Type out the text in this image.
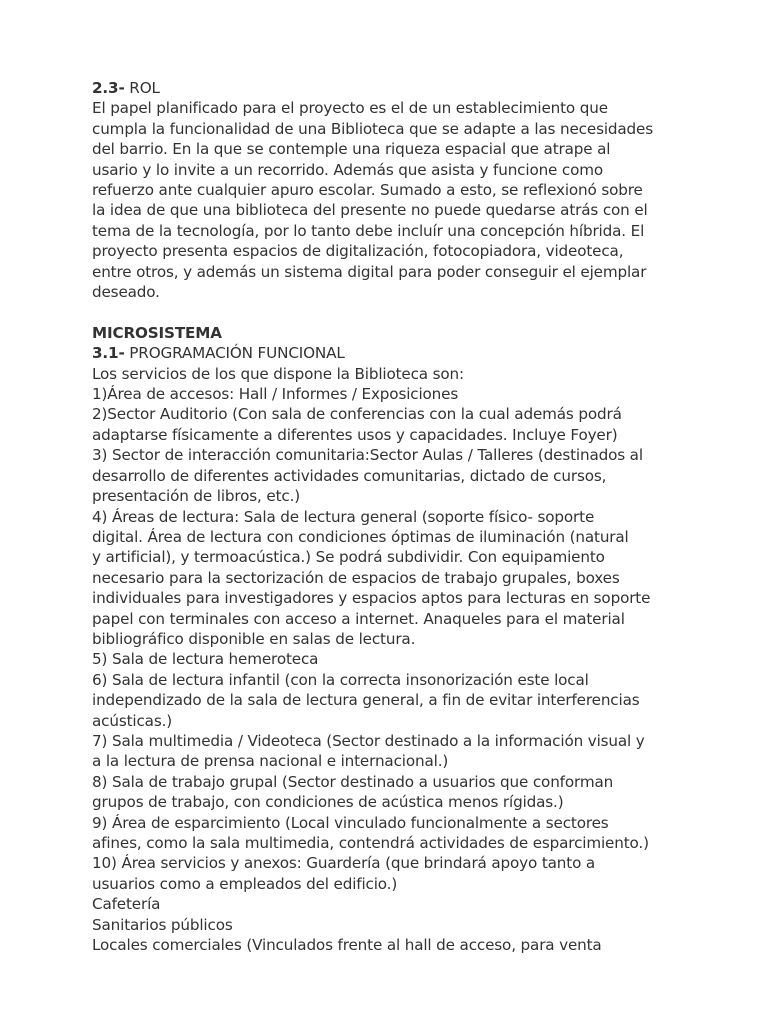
2.3- ROL
El papel planificado para el proyecto es el de un establecimiento que
cumpla la funcionalidad de una Biblioteca que se adapte a las necesidades
del barrio. En la que se contemple una riqueza espacial que atrape al
usario y lo invite a un recorrido. Además que asista y funcione como
refuerzo ante cualquier apuro escolar. Sumado a esto, se reflexionó sobre
la idea de que una biblioteca del presente no puede quedarse atrás con el
tema de la tecnología, por lo tanto debe incluír una concepción híbrida. El
proyecto presenta espacios de digitalización, fotocopiadora, videoteca,
entre otros, y además un sistema digital para poder conseguir el ejemplar
deseado.
MICROSISTEMA
3.1- PROGRAMACIÓN FUNCIONAL
Los servicios de los que dispone la Biblioteca son:
1)Área de accesos: Hall / Informes / Exposiciones
2)Sector Auditorio (Con sala de conferencias con la cual además podrá
adaptarse físicamente a diferentes usos y capacidades. Incluye Foyer)
3) Sector de interacción comunitaria:Sector Aulas / Talleres (destinados al
desarrollo de diferentes actividades comunitarias, dictado de cursos,
presentación de libros, etc.)
4) Áreas de lectura: Sala de lectura general (soporte físico- soporte
digital. Área de lectura con condiciones óptimas de iluminación (natural
y artificial), y termoacústica.) Se podrá subdividir. Con equipamiento
necesario para la sectorización de espacios de trabajo grupales, boxes
individuales para investigadores y espacios aptos para lecturas en soporte
papel con terminales con acceso a internet. Anaqueles para el material
bibliográfico disponible en salas de lectura.
5) Sala de lectura hemeroteca
6) Sala de lectura infantil (con la correcta insonorización este local
independizado de la sala de lectura general, a fin de evitar interferencias
acústicas.)
7) Sala multimedia / Videoteca (Sector destinado a la información visual y
a la lectura de prensa nacional e internacional.)
8) Sala de trabajo grupal (Sector destinado a usuarios que conforman
grupos de trabajo, con condiciones de acústica menos rígidas.)
9) Área de esparcimiento (Local vinculado funcionalmente a sectores
afines, como la sala multimedia, contendrá actividades de esparcimiento.)
10) Área servicios y anexos: Guardería (que brindará apoyo tanto a
usuarios como a empleados del edificio.)
Cafetería
Sanitarios públicos
Locales comerciales (Vinculados frente al hall de acceso, para venta
